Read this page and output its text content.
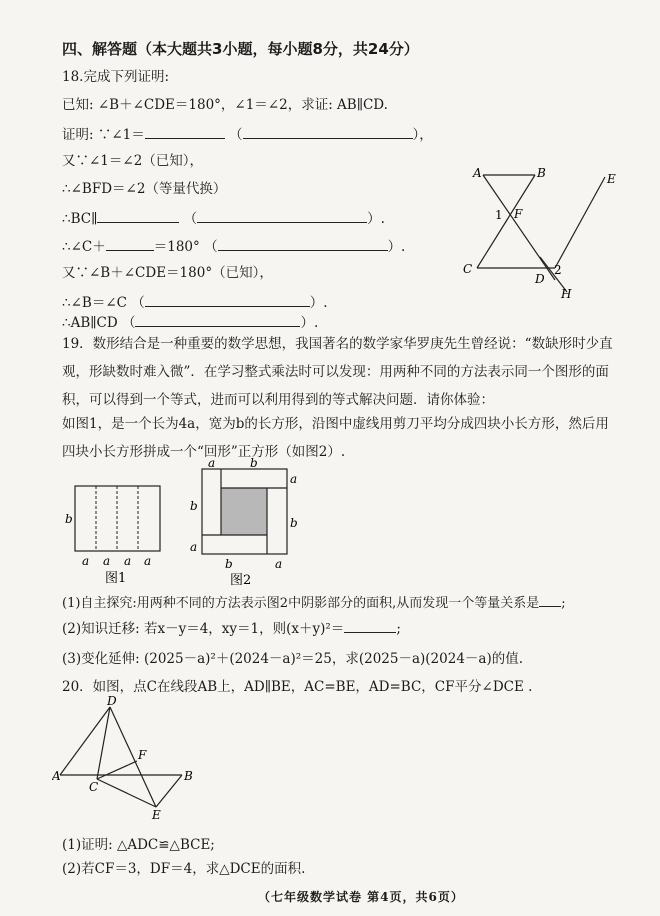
四、解答题（本大题共3小题，每小题8分，共24分）
18.完成下列证明:
已知: ∠B＋∠CDE＝180°，∠1＝∠2，求证: AB∥CD.
证明: ∵∠1＝	（	），
又∵∠1＝∠2（已知），
∴∠BFD＝∠2（等量代换）
∴BC∥	（	）.
∴∠C＋	＝180° （	）.
又∵∠B＋∠CDE＝180°（已知），
∴∠B＝∠C （	）.
∴AB∥CD （	）.
A	B	E
1 F
C
D
2
H
19．数形结合是一种重要的数学思想，我国著名的数学家华罗庚先生曾经说：“数缺形时少直观，形缺数时难入微”．在学习整式乘法时可以发现：用两种不同的方法表示同一个图形的面积，可以得到一个等式，进而可以利用得到的等式解决问题．请你体验：
如图1，是一个长为4a，宽为b的长方形，沿图中虚线用剪刀平均分成四块小长方形，然后用四块小长方形拼成一个“回形”正方形（如图2）.
b
a a a a
图1
a	b
a
b
b
a
b	a
图2
(1)自主探究:用两种不同的方法表示图2中阴影部分的面积,从而发现一个等量关系是 ;
(2)知识迁移: 若x－y＝4，xy＝1，则(x＋y)²＝	;
(3)变化延伸: (2025－a)²＋(2024－a)²＝25，求(2025－a)(2024－a)的值.
20．如图，点C在线段AB上，AD∥BE，AC=BE，AD=BC，CF平分∠DCE .
D
F
A
C
B
E
(1)证明: △ADC≌△BCE;
(2)若CF＝3，DF＝4，求△DCE的面积.
（七年级数学试卷 第4页，共6页）
